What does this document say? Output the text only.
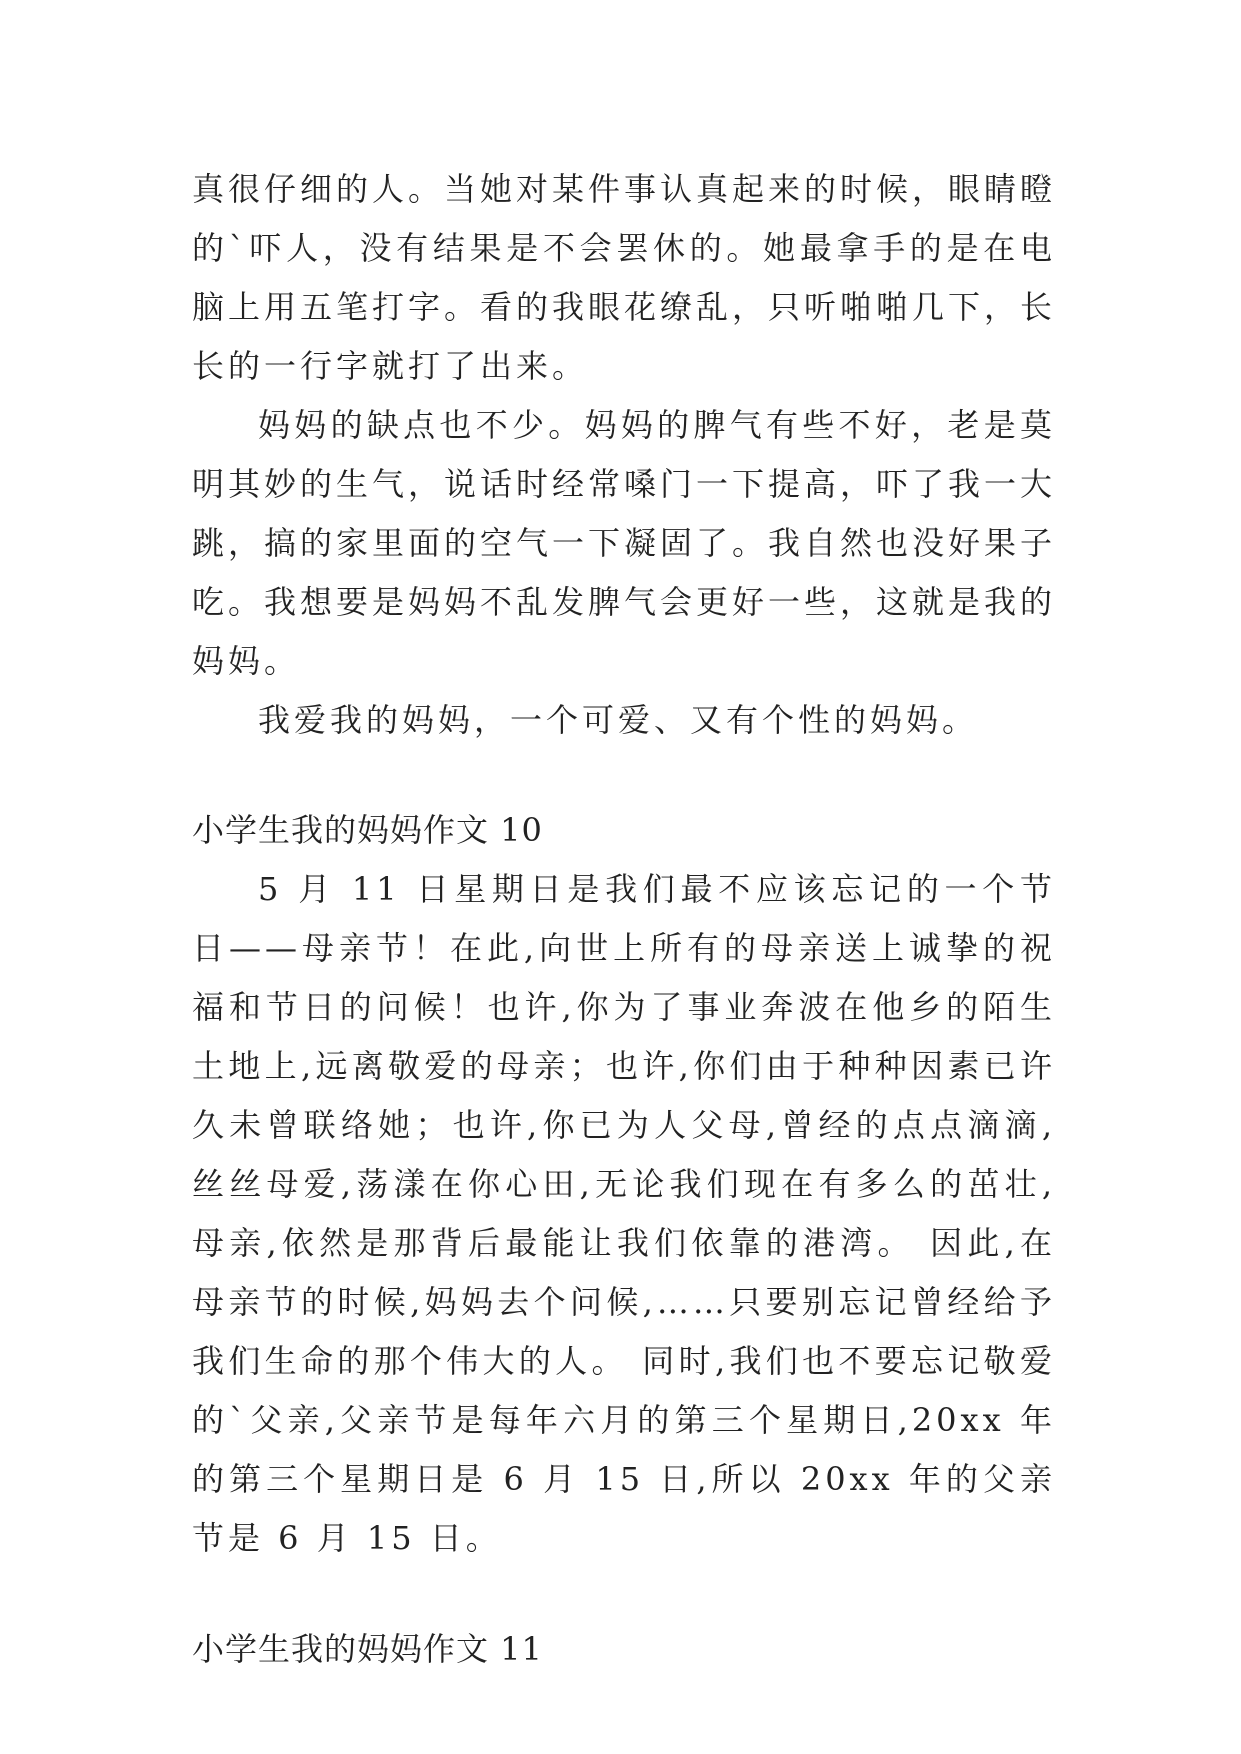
真很仔细的人。当她对某件事认真起来的时候，眼睛瞪的`吓人，没有结果是不会罢休的。她最拿手的是在电脑上用五笔打字。看的我眼花缭乱，只听啪啪几下，长长的一行字就打了出来。

妈妈的缺点也不少。妈妈的脾气有些不好，老是莫明其妙的生气，说话时经常嗓门一下提高，吓了我一大跳，搞的家里面的空气一下凝固了。我自然也没好果子吃。我想要是妈妈不乱发脾气会更好一些，这就是我的妈妈。

我爱我的妈妈，一个可爱、又有个性的妈妈。

小学生我的妈妈作文 10

5 月 11 日星期日是我们最不应该忘记的一个节日——母亲节！在此,向世上所有的母亲送上诚挚的祝福和节日的问候！也许,你为了事业奔波在他乡的陌生土地上,远离敬爱的母亲；也许,你们由于种种因素已许久未曾联络她；也许,你已为人父母,曾经的点点滴滴,丝丝母爱,荡漾在你心田,无论我们现在有多么的茁壮,母亲,依然是那背后最能让我们依靠的港湾。 因此,在母亲节的时候,妈妈去个问候,……只要别忘记曾经给予我们生命的那个伟大的人。 同时,我们也不要忘记敬爱的`父亲,父亲节是每年六月的第三个星期日,20xx 年的第三个星期日是 6 月 15 日,所以 20xx 年的父亲节是 6 月 15 日。

小学生我的妈妈作文 11
